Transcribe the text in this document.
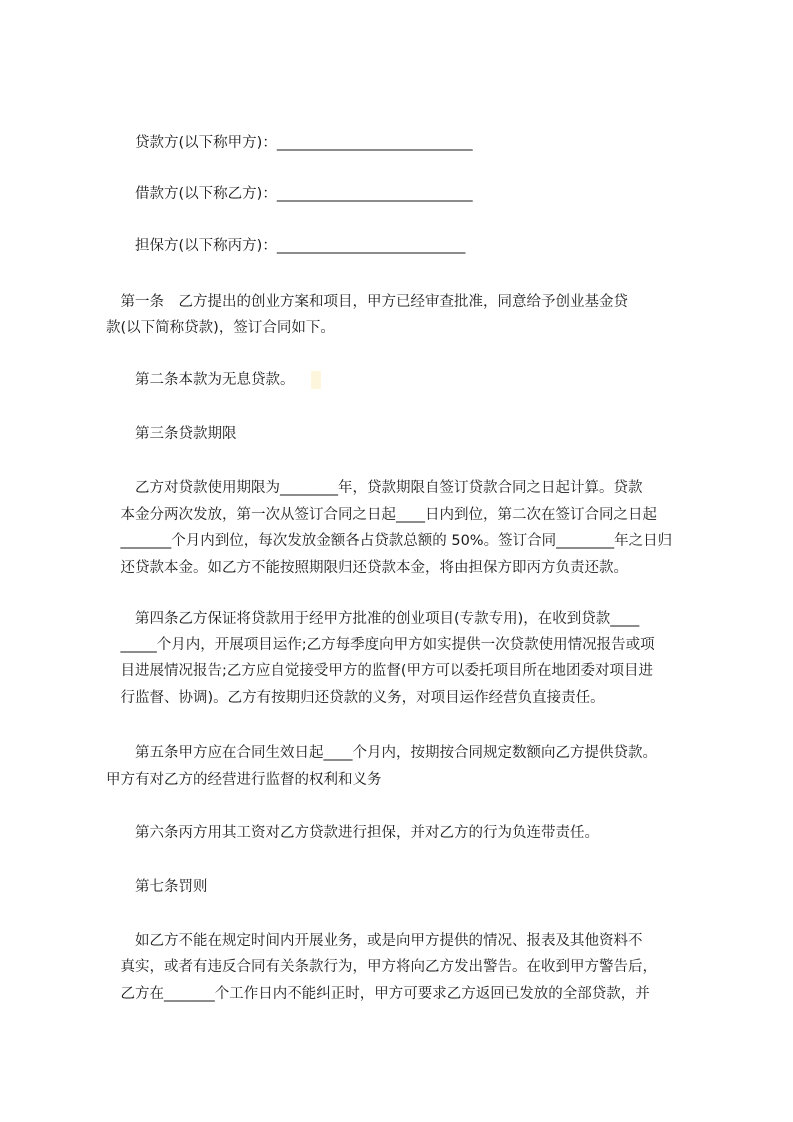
贷款方(以下称甲方)：___________________________
借款方(以下称乙方)：___________________________
担保方(以下称丙方)：__________________________
　第一条　乙方提出的创业方案和项目，甲方已经审查批准，同意给予创业基金贷
款(以下简称贷款)，签订合同如下。
　　第二条本款为无息贷款。
　　第三条贷款期限
　　乙方对贷款使用期限为________年，贷款期限自签订贷款合同之日起计算。贷款
　本金分两次发放，第一次从签订合同之日起____日内到位，第二次在签订合同之日起
　_______个月内到位，每次发放金额各占贷款总额的 50%。签订合同________年之日归
　还贷款本金。如乙方不能按照期限归还贷款本金，将由担保方即丙方负责还款。
　　第四条乙方保证将贷款用于经甲方批准的创业项目(专款专用)，在收到贷款____
　_____个月内，开展项目运作;乙方每季度向甲方如实提供一次贷款使用情况报告或项
　目进展情况报告;乙方应自觉接受甲方的监督(甲方可以委托项目所在地团委对项目进
　行监督、协调)。乙方有按期归还贷款的义务，对项目运作经营负直接责任。
　　第五条甲方应在合同生效日起____个月内，按期按合同规定数额向乙方提供贷款。
甲方有对乙方的经营进行监督的权利和义务
　　第六条丙方用其工资对乙方贷款进行担保，并对乙方的行为负连带责任。
　　第七条罚则
　　如乙方不能在规定时间内开展业务，或是向甲方提供的情况、报表及其他资料不
　真实，或者有违反合同有关条款行为，甲方将向乙方发出警告。在收到甲方警告后，
　乙方在_______个工作日内不能纠正时，甲方可要求乙方返回已发放的全部贷款，并
